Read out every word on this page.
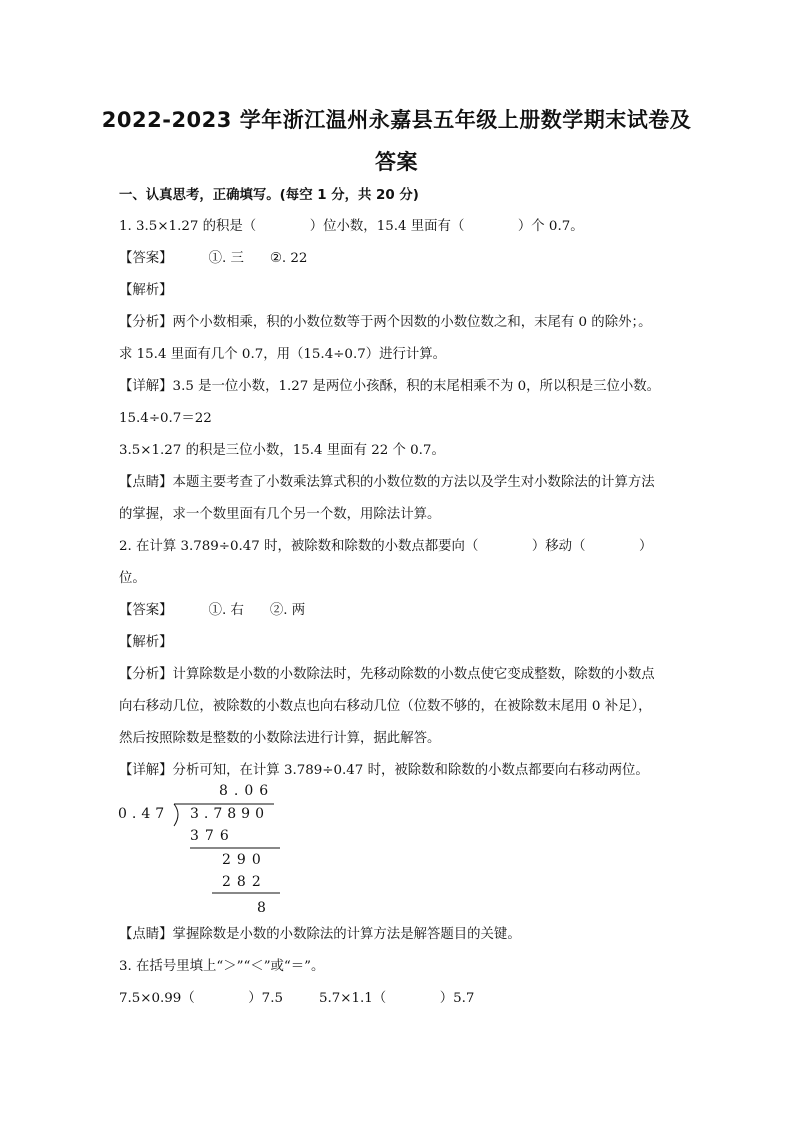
2022-2023 学年浙江温州永嘉县五年级上册数学期末试卷及
答案
一、认真思考，正确填写。(每空 1 分，共 20 分)
1. 3.5×1.27 的积是（　　　　）位小数，15.4 里面有（　　　　）个 0.7。
【答案】	①. 三 ②. 22
【解析】
【分析】两个小数相乘，积的小数位数等于两个因数的小数位数之和，末尾有 0 的除外；。
求 15.4 里面有几个 0.7，用（15.4÷0.7）进行计算。
【详解】3.5 是一位小数，1.27 是两位小孩酥，积的末尾相乘不为 0，所以积是三位小数。
15.4÷0.7＝22
3.5×1.27 的积是三位小数，15.4 里面有 22 个 0.7。
【点睛】本题主要考查了小数乘法算式积的小数位数的方法以及学生对小数除法的计算方法
的掌握，求一个数里面有几个另一个数，用除法计算。
2. 在计算 3.789÷0.47 时，被除数和除数的小数点都要向（　　　　）移动（　　　　）
位。
【答案】	①. 右 ②. 两
【解析】
【分析】计算除数是小数的小数除法时，先移动除数的小数点使它变成整数，除数的小数点
向右移动几位，被除数的小数点也向右移动几位（位数不够的，在被除数末尾用 0 补足），
然后按照除数是整数的小数除法进行计算，据此解答。
【详解】分析可知，在计算 3.789÷0.47 时，被除数和除数的小数点都要向右移动两位。
8.06
0.47 3.7890
376
290
282
8
【点睛】掌握除数是小数的小数除法的计算方法是解答题目的关键。
3. 在括号里填上“＞”“＜”或“＝”。
7.5×0.99（　　　　）7.5	5.7×1.1（　　　　）5.7
